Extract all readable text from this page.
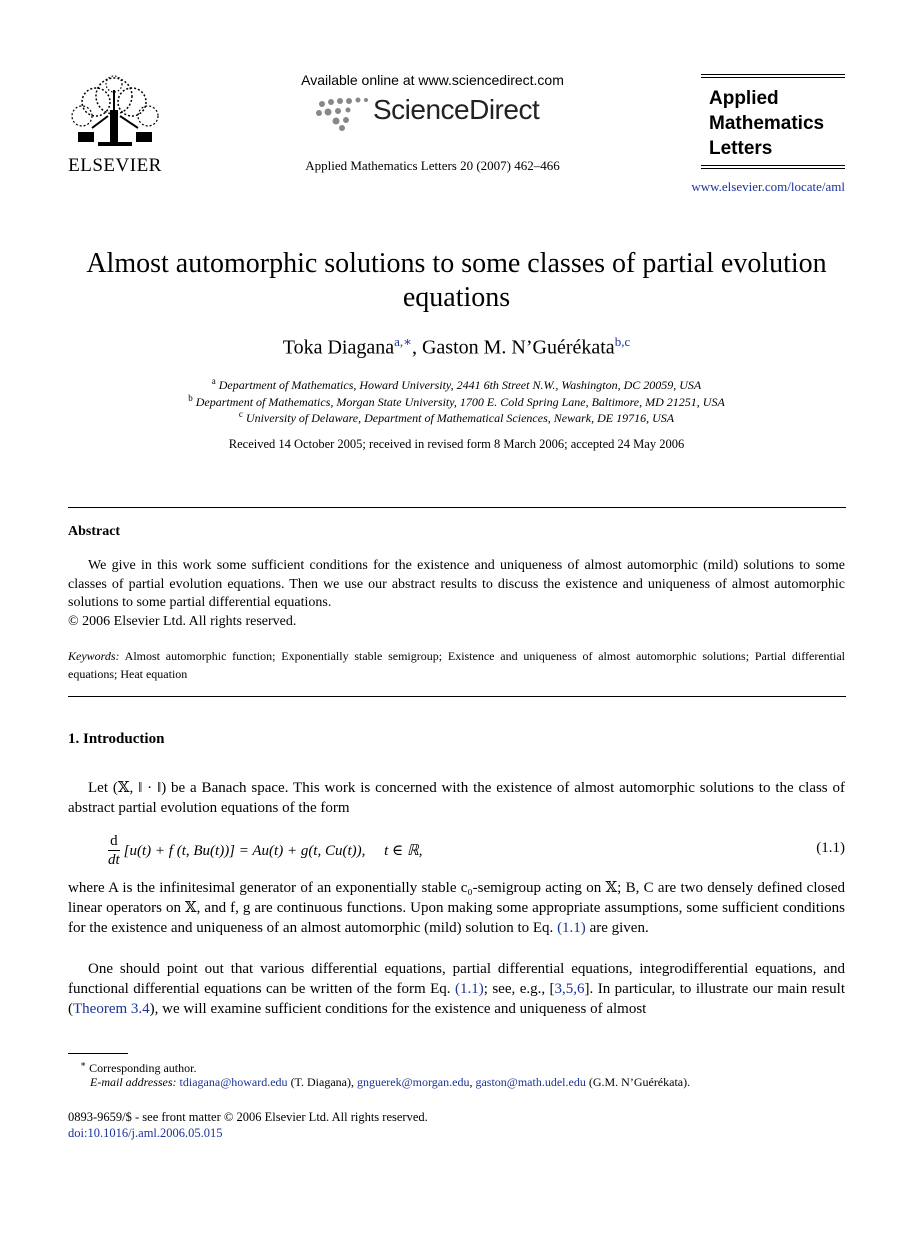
ELSEVIER
Available online at www.sciencedirect.com
ScienceDirect
Applied Mathematics Letters 20 (2007) 462–466
Applied
Mathematics
Letters
www.elsevier.com/locate/aml
Almost automorphic solutions to some classes of partial evolution equations
Toka Diagana$^{a,∗}$, Gaston M. N’Guérékata$^{b,c}$
$^a$ Department of Mathematics, Howard University, 2441 6th Street N.W., Washington, DC 20059, USA
$^b$ Department of Mathematics, Morgan State University, 1700 E. Cold Spring Lane, Baltimore, MD 21251, USA
$^c$ University of Delaware, Department of Mathematical Sciences, Newark, DE 19716, USA
Received 14 October 2005; received in revised form 8 March 2006; accepted 24 May 2006
Abstract

We give in this work some sufficient conditions for the existence and uniqueness of almost automorphic (mild) solutions to some classes of partial evolution equations. Then we use our abstract results to discuss the existence and uniqueness of almost automorphic solutions to some partial differential equations.

© 2006 Elsevier Ltd. All rights reserved.

Keywords: Almost automorphic function; Exponentially stable semigroup; Existence and uniqueness of almost automorphic solutions; Partial differential equations; Heat equation

1. Introduction

Let (𝕏, ‖ · ‖) be a Banach space. This work is concerned with the existence of almost automorphic solutions to the class of abstract partial evolution equations of the form

$\frac{d}{dt} [u(t) + f$ (t, Bu(t))] = Au(t) + g(t, Cu(t)),     t ∈ ℝ,	(1.1)

where A is the infinitesimal generator of an exponentially stable c₀-semigroup acting on 𝕏; B, C are two densely defined closed linear operators on 𝕏, and f, g are continuous functions. Upon making some appropriate assumptions, some sufficient conditions for the existence and uniqueness of an almost automorphic (mild) solution to Eq. (1.1) are given.

One should point out that various differential equations, partial differential equations, integrodifferential equations, and functional differential equations can be written of the form Eq. (1.1); see, e.g., [3,5,6]. In particular, to illustrate our main result (Theorem 3.4), we will examine sufficient conditions for the existence and uniqueness of almost

∗ Corresponding author.
E-mail addresses: tdiagana@howard.edu (T. Diagana), gnguerek@morgan.edu, gaston@math.udel.edu (G.M. N’Guérékata).
0893-9659/$ - see front matter © 2006 Elsevier Ltd. All rights reserved.
doi:10.1016/j.aml.2006.05.015
